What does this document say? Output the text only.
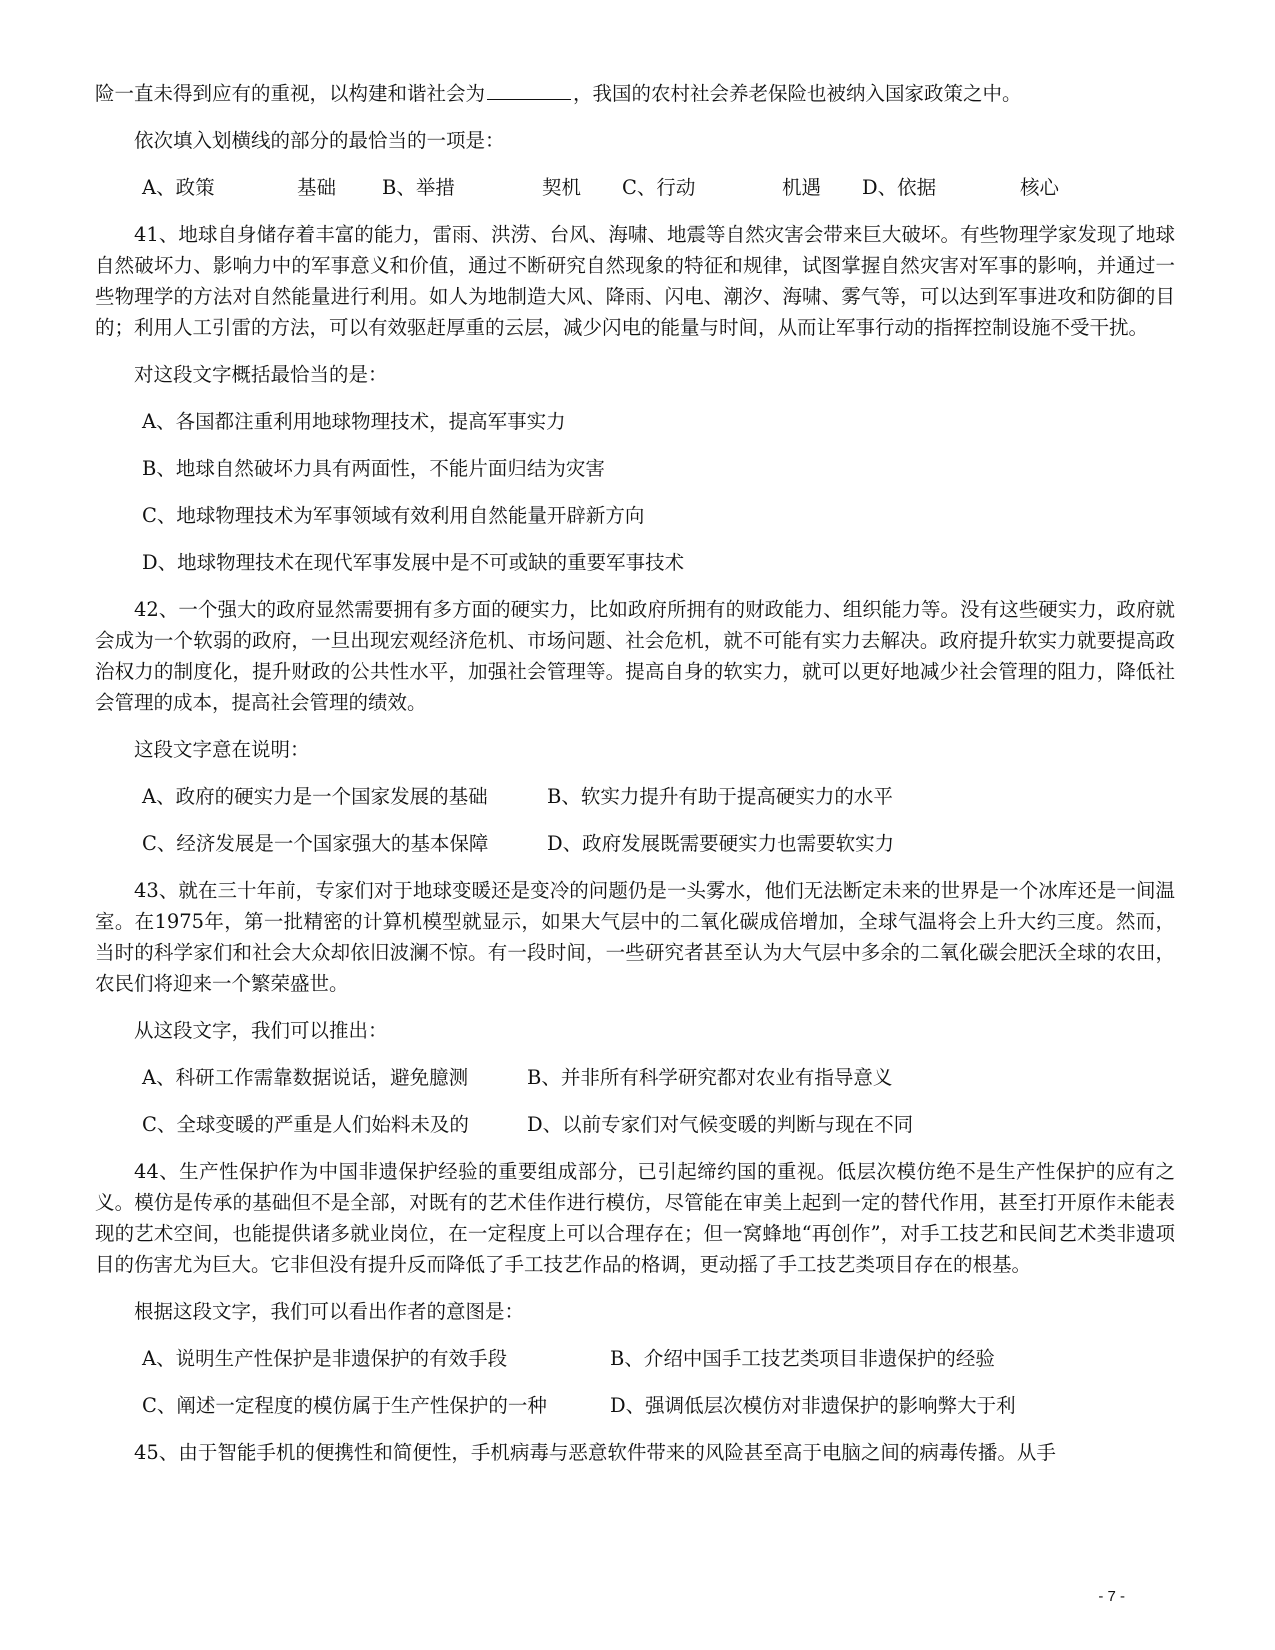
险一直未得到应有的重视，以构建和谐社会为	，我国的农村社会养老保险也被纳入国家政策之中。

依次填入划横线的部分的最恰当的一项是：

A、政策	基础 B、举措	契机 C、行动	机遇 D、依据	核心

41、地球自身储存着丰富的能力，雷雨、洪涝、台风、海啸、地震等自然灾害会带来巨大破坏。有些物理学家发现了地球自然破坏力、影响力中的军事意义和价值，通过不断研究自然现象的特征和规律，试图掌握自然灾害对军事的影响，并通过一些物理学的方法对自然能量进行利用。如人为地制造大风、降雨、闪电、潮汐、海啸、雾气等，可以达到军事进攻和防御的目的；利用人工引雷的方法，可以有效驱赶厚重的云层，减少闪电的能量与时间，从而让军事行动的指挥控制设施不受干扰。

对这段文字概括最恰当的是：

A、各国都注重利用地球物理技术，提高军事实力

B、地球自然破坏力具有两面性，不能片面归结为灾害

C、地球物理技术为军事领域有效利用自然能量开辟新方向

D、地球物理技术在现代军事发展中是不可或缺的重要军事技术

42、一个强大的政府显然需要拥有多方面的硬实力，比如政府所拥有的财政能力、组织能力等。没有这些硬实力，政府就会成为一个软弱的政府，一旦出现宏观经济危机、市场问题、社会危机，就不可能有实力去解决。政府提升软实力就要提高政治权力的制度化，提升财政的公共性水平，加强社会管理等。提高自身的软实力，就可以更好地减少社会管理的阻力，降低社会管理的成本，提高社会管理的绩效。

这段文字意在说明：

A、政府的硬实力是一个国家发展的基础	B、软实力提升有助于提高硬实力的水平
C、经济发展是一个国家强大的基本保障	D、政府发展既需要硬实力也需要软实力

43、就在三十年前，专家们对于地球变暖还是变冷的问题仍是一头雾水，他们无法断定未来的世界是一个冰库还是一间温室。在1975年，第一批精密的计算机模型就显示，如果大气层中的二氧化碳成倍增加，全球气温将会上升大约三度。然而，当时的科学家们和社会大众却依旧波澜不惊。有一段时间，一些研究者甚至认为大气层中多余的二氧化碳会肥沃全球的农田，农民们将迎来一个繁荣盛世。

从这段文字，我们可以推出：

A、科研工作需靠数据说话，避免臆测	B、并非所有科学研究都对农业有指导意义
C、全球变暖的严重是人们始料未及的	D、以前专家们对气候变暖的判断与现在不同

44、生产性保护作为中国非遗保护经验的重要组成部分，已引起缔约国的重视。低层次模仿绝不是生产性保护的应有之义。模仿是传承的基础但不是全部，对既有的艺术佳作进行模仿，尽管能在审美上起到一定的替代作用，甚至打开原作未能表现的艺术空间，也能提供诸多就业岗位，在一定程度上可以合理存在；但一窝蜂地“再创作”，对手工技艺和民间艺术类非遗项目的伤害尤为巨大。它非但没有提升反而降低了手工技艺作品的格调，更动摇了手工技艺类项目存在的根基。

根据这段文字，我们可以看出作者的意图是：

A、说明生产性保护是非遗保护的有效手段	B、介绍中国手工技艺类项目非遗保护的经验
C、阐述一定程度的模仿属于生产性保护的一种	D、强调低层次模仿对非遗保护的影响弊大于利

45、由于智能手机的便携性和简便性，手机病毒与恶意软件带来的风险甚至高于电脑之间的病毒传播。从手

- 7 -
